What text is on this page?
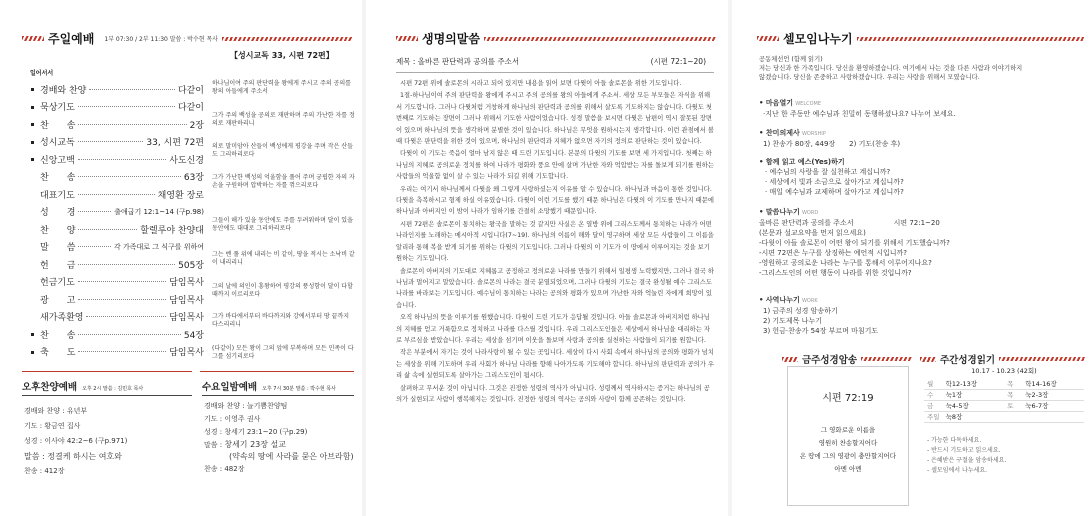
주일예배 1부 07:30 / 2부 11:30 말씀 : 박수현 목사
【성시교독 33, 시편 72편】
일어서서
경배와 찬양	다같이
묵상기도	다같이
찬　　송	2장
성시교독	33, 시편 72편
신앙고백	사도신경
찬　　송	63장
대표기도	채영환 장로
성　　경	출애굽기 12:1~14 (구p.98)
찬　　양	할렐루야 찬양대
말　　씀	각 가족대로 그 식구를 위하여
헌　　금	505장
헌금기도	담임목사
광　　고	담임목사
새가족환영	담임목사
찬　　송	54장
축　　도	담임목사
하나님이여 주의 판단력을 왕에게 주시고 주의 공의를 왕의 아들에게 주소서
그가 주의 백성을 공의로 재판하며 주의 가난한 자를 정의로 재판하리니
의로 말미암아 산들이 백성에게 평강을 주며 작은 산들도 그리하리로다
그가 가난한 백성의 억울함을 풀어 주며 궁핍한 자의 자손을 구원하며 압박하는 자를 꺾으리로다
그들이 해가 있을 동안에도 주를 두려워하며 달이 있을 동안에도 대대로 그리하리로다
그는 벤 풀 위에 내리는 비 같이, 땅을 적시는 소낙비 같이 내리리니
그의 날에 의인이 흥왕하여 평강의 풍성함이 달이 다할 때까지 이르리로다
그가 바다에서부터 바다까지와 강에서부터 땅 끝까지 다스리리니
(다같이) 모든 왕이 그의 앞에 부복하며 모든 민족이 다 그를 섬기리로다
오후찬양예배 오후 2시 말씀 : 김민호 목사
경배와 찬양 : 유년부
기도 : 황금연 집사
성경 : 이사야 42:2~6 (구p.971)
말씀 : 정결케 하시는 여호와
찬송 : 412장
수요일밤예배 오후 7시 30분 말씀 : 박수현 목사
경배와 찬양 : 늘기쁨찬양팀
기도 : 이영주 권사
성경 : 창세기 23:1~20 (구p.29)
말씀 : 창세기 23장 설교
(약속의 땅에 사라를 묻은 아브라함)
찬송 : 482장
생명의말씀
제목 : 올바른 판단력과 공의를 주소서	(시편 72:1~20)

시편 72편 위에 솔로몬의 시라고 되어 있지만 내용을 읽어 보면 다윗이 아들 솔로몬을 위한 기도입니다.

1절-하나님이여 주의 판단력을 왕에게 주시고 주의 공의를 왕의 아들에게 주소서. 세상 모든 부모들은 자식을 위해서 기도합니다. 그러나 다윗처럼 거창하게 하나님의 판단력과 공의를 위해서 살도록 기도하지는 않습니다. 다윗도 첫 번째로 기도하는 장면이 그러나 위해서 기도한 사람이었습니다. 성경 말씀을 보시면 다윗은 남편이 역시 잘못된 장면이 있으며 하나님의 뜻을 생각하며 분별한 것이 있습니다. 하나님은 무엇을 원하시는지 생각합니다. 이런 관점에서 볼 때 다윗은 판단력을 위한 것이 있으며, 하나님의 판단력과 지혜가 없으면 자기의 정의로 판단하는 것이 있습니다.

다윗이 이 기도는 죽음이 얼마 남지 않은 때 드린 기도입니다. 본문의 다윗의 기도를 보면 세 가지입니다. 첫째는 하나님의 지혜로 공의로운 정치를 하여 나라가 평화와 풍요 안에 살며 가난한 자와 억압받는 자를 돌보게 되기를 원하는 사람들의 억울함 없이 살 수 있는 나라가 되길 위해 기도합니다.

우리는 여기서 하나님께서 다윗을 왜 그렇게 사랑하셨는지 이유를 알 수 있습니다. 하나님과 마음이 통한 것입니다. 다윗을 측복하시고 형제 하실 이유였습니다. 다윗이 이런 기도를 했기 때문 하나님은 다윗의 이 기도를 만나지 때문에 하나님과 아버지인 이 밤이 나라가 임하기를 간절히 소망했기 때문입니다.

시편 72편은 솔로몬이 통치하는 왕국을 말하는 것 같지만 사실은 온 열방 위에 그리스도께서 통치하는 나라가 어떤 나라인지를 노래하는 메시아적 시입니다(7~19). 하나님의 이름이 해와 달이 영구하며 세상 모든 사람들이 그 이름을 알리라 통해 복을 받게 되기를 위하는 다윗의 기도입니다. 그러나 다윗의 이 기도가 이 땅에서 이루어지는 것을 보기 원하는 기도입니다.

솔로몬이 아버지의 기도대로 지혜롭고 공정하고 정의로운 나라를 만들기 위해서 일평생 노력했지만, 그러나 결국 하나님과 멀어지고 말았습니다. 솔로몬의 나라는 결국 분열되었으며, 그러나 다윗의 기도는 결국 완성될 예수 그리스도 나라를 바라보는 기도입니다. 예수님이 통치하는 나라는 공의와 평화가 있으며 가난한 자와 억눌린 자에게 희망이 있습니다.

오직 하나님의 뜻을 이루기를 원했습니다. 다윗이 드린 기도가 응답될 것입니다. 아들 솔로몬과 아버지처럼 하나님의 지혜를 얻고 거룩함으로 정치하고 나라를 다스릴 것입니다. 우리 그리스도인들은 세상에서 하나님을 대리하는 자로 부르심을 받았습니다. 우리는 세상을 섬기며 이웃을 돌보며 사랑과 공의를 실천하는 사람들이 되기를 원합니다.

작은 부분에서 자기는 것이 나라사랑이 될 수 있는 곳입니다. 세상이 다시 사회 속에서 하나님의 공의와 평화가 넘치는 세상을 위해 기도하며 우리 사회가 하나님 나라를 향해 나아가도록 기도해야 합니다. 하나님의 판단력과 공의가 우리 삶 속에 실현되도록 살아가는 그리스도인이 됩시다.

살펴하고 무서운 것이 아닙니다. 그것은 진정한 성령의 역사가 아닙니다. 성령께서 역사하시는 증거는 하나님의 공의가 실현되고 사람이 행복해지는 것입니다. 진정한 성령의 역사는 공의와 사랑이 함께 공존하는 것입니다.

셀모임나누기
공동체선언 (함께 읽기)
저는 당신과 한 가족입니다. 당신을 환영하겠습니다. 여기에서 나는 것을 다른 사람과 이야기하지
않겠습니다. 당신을 존중하고 사랑하겠습니다. 우리는 사랑을 위해서 모였습니다.
• 마음열기 WELCOME
·지난 한 주동안 예수님과 친밀히 동행하셨나요? 나누어 보세요.
• 찬미의제사 WORSHIP
1) 찬송가 80장, 449장　　2) 기도(찬송 후)
• 함께 읽고 예스(Yes)하기
· 예수님의 사랑을 잘 실천하고 계십니까?
· 세상에서 빛과 소금으로 살아가고 계십니까?
· 매일 예수님과 교제하며 살아가고 계십니까?
• 말씀나누기 WORD
올바른 판단력과 공의를 주소서	시편 72:1~20
(본문과 설교요약을 먼저 읽으세요)
-다윗이 아들 솔로몬이 어떤 왕이 되기를 위해서 기도했습니까?
-시편 72편은 누구를 상징하는 예언적 시입니까?
-영원하고 공의로운 나라는 누구를 통해서 이루어지나요?
-그리스도인의 어떤 행동이 나라를 위한 것입니까?
• 사역나누기 WORK
1) 금주의 성경 암송하기
2) 기도제목 나누기
3) 헌금·찬송가 54장 부르며 마침기도
금주성경암송
시편 72:19
그 영화로운 이름을
영원히 찬송할지어다
온 땅에 그의 영광이 충만할지어다
아멘 아멘
주간성경읽기
10.17 - 10.23 (42회)
월	학12-13장	목	학14-16장
수	눅1장	목	눅2-3장
금	눅4-5장	토	눅6-7장
주일	눅8장		
- 가능한 다독하세요.
- 반드시 기도하고 읽으세요.
- 은혜받은 구절을 암송하세요.
- 셀모임에서 나누세요.
